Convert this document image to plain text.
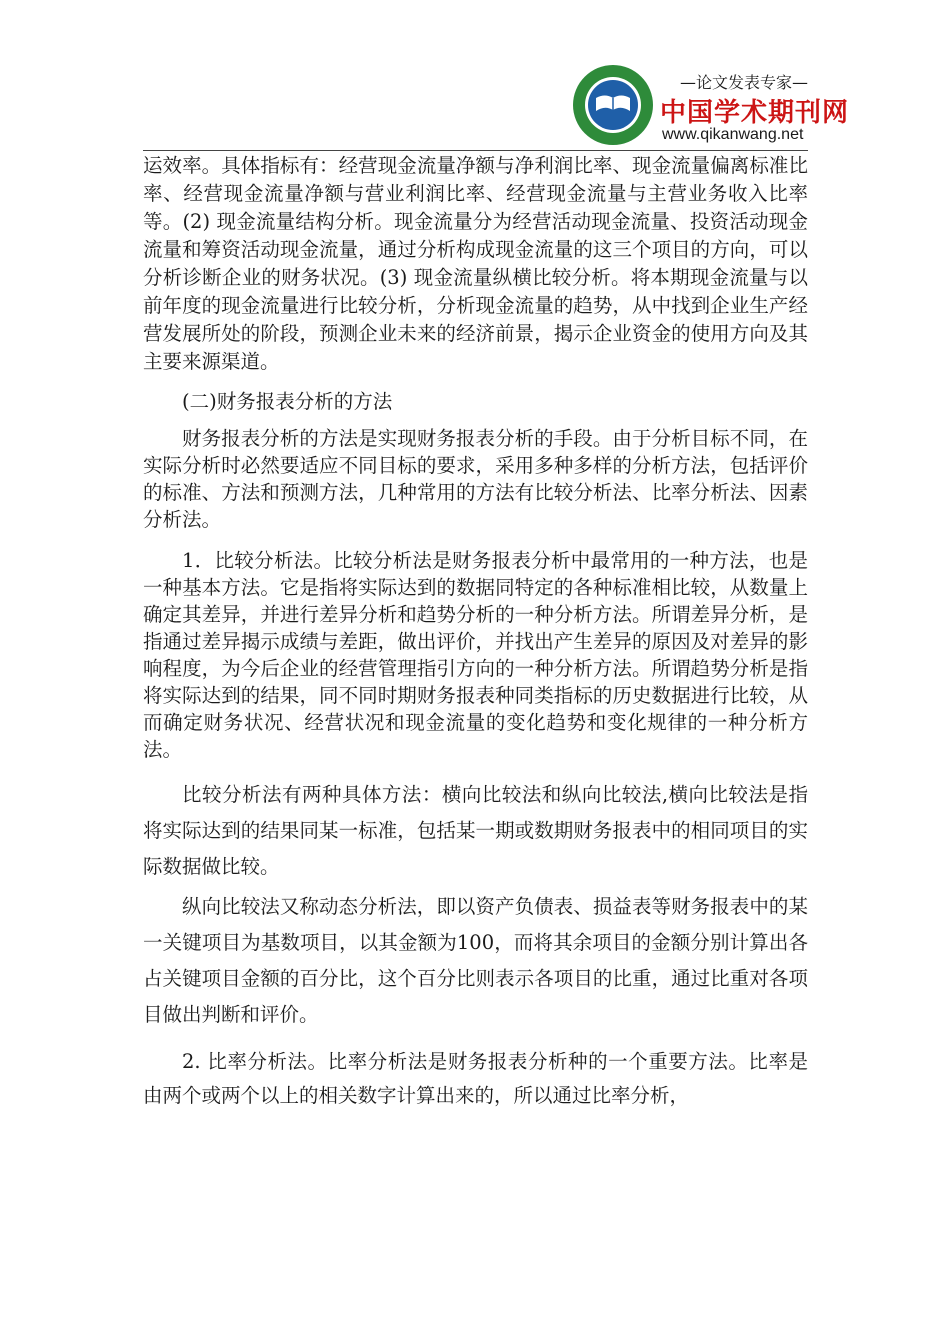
—论文发表专家—
中国学术期刊网
www.qikanwang.net

运效率。具体指标有：经营现金流量净额与净利润比率、现金流量偏离标准比率、经营现金流量净额与营业利润比率、经营现金流量与主营业务收入比率等。(2) 现金流量结构分析。现金流量分为经营活动现金流量、投资活动现金流量和筹资活动现金流量，通过分析构成现金流量的这三个项目的方向，可以分析诊断企业的财务状况。(3) 现金流量纵横比较分析。将本期现金流量与以前年度的现金流量进行比较分析，分析现金流量的趋势，从中找到企业生产经营发展所处的阶段，预测企业未来的经济前景，揭示企业资金的使用方向及其主要来源渠道。

(二)财务报表分析的方法

财务报表分析的方法是实现财务报表分析的手段。由于分析目标不同，在实际分析时必然要适应不同目标的要求，采用多种多样的分析方法，包括评价的标准、方法和预测方法，几种常用的方法有比较分析法、比率分析法、因素分析法。

1．比较分析法。比较分析法是财务报表分析中最常用的一种方法，也是一种基本方法。它是指将实际达到的数据同特定的各种标准相比较，从数量上确定其差异，并进行差异分析和趋势分析的一种分析方法。所谓差异分析，是指通过差异揭示成绩与差距，做出评价，并找出产生差异的原因及对差异的影响程度，为今后企业的经营管理指引方向的一种分析方法。所谓趋势分析是指将实际达到的结果，同不同时期财务报表种同类指标的历史数据进行比较，从而确定财务状况、经营状况和现金流量的变化趋势和变化规律的一种分析方法。

比较分析法有两种具体方法：横向比较法和纵向比较法,横向比较法是指将实际达到的结果同某一标准，包括某一期或数期财务报表中的相同项目的实际数据做比较。

纵向比较法又称动态分析法，即以资产负债表、损益表等财务报表中的某一关键项目为基数项目，以其金额为100，而将其余项目的金额分别计算出各占关键项目金额的百分比，这个百分比则表示各项目的比重，通过比重对各项目做出判断和评价。

2. 比率分析法。比率分析法是财务报表分析种的一个重要方法。比率是由两个或两个以上的相关数字计算出来的，所以通过比率分析，
